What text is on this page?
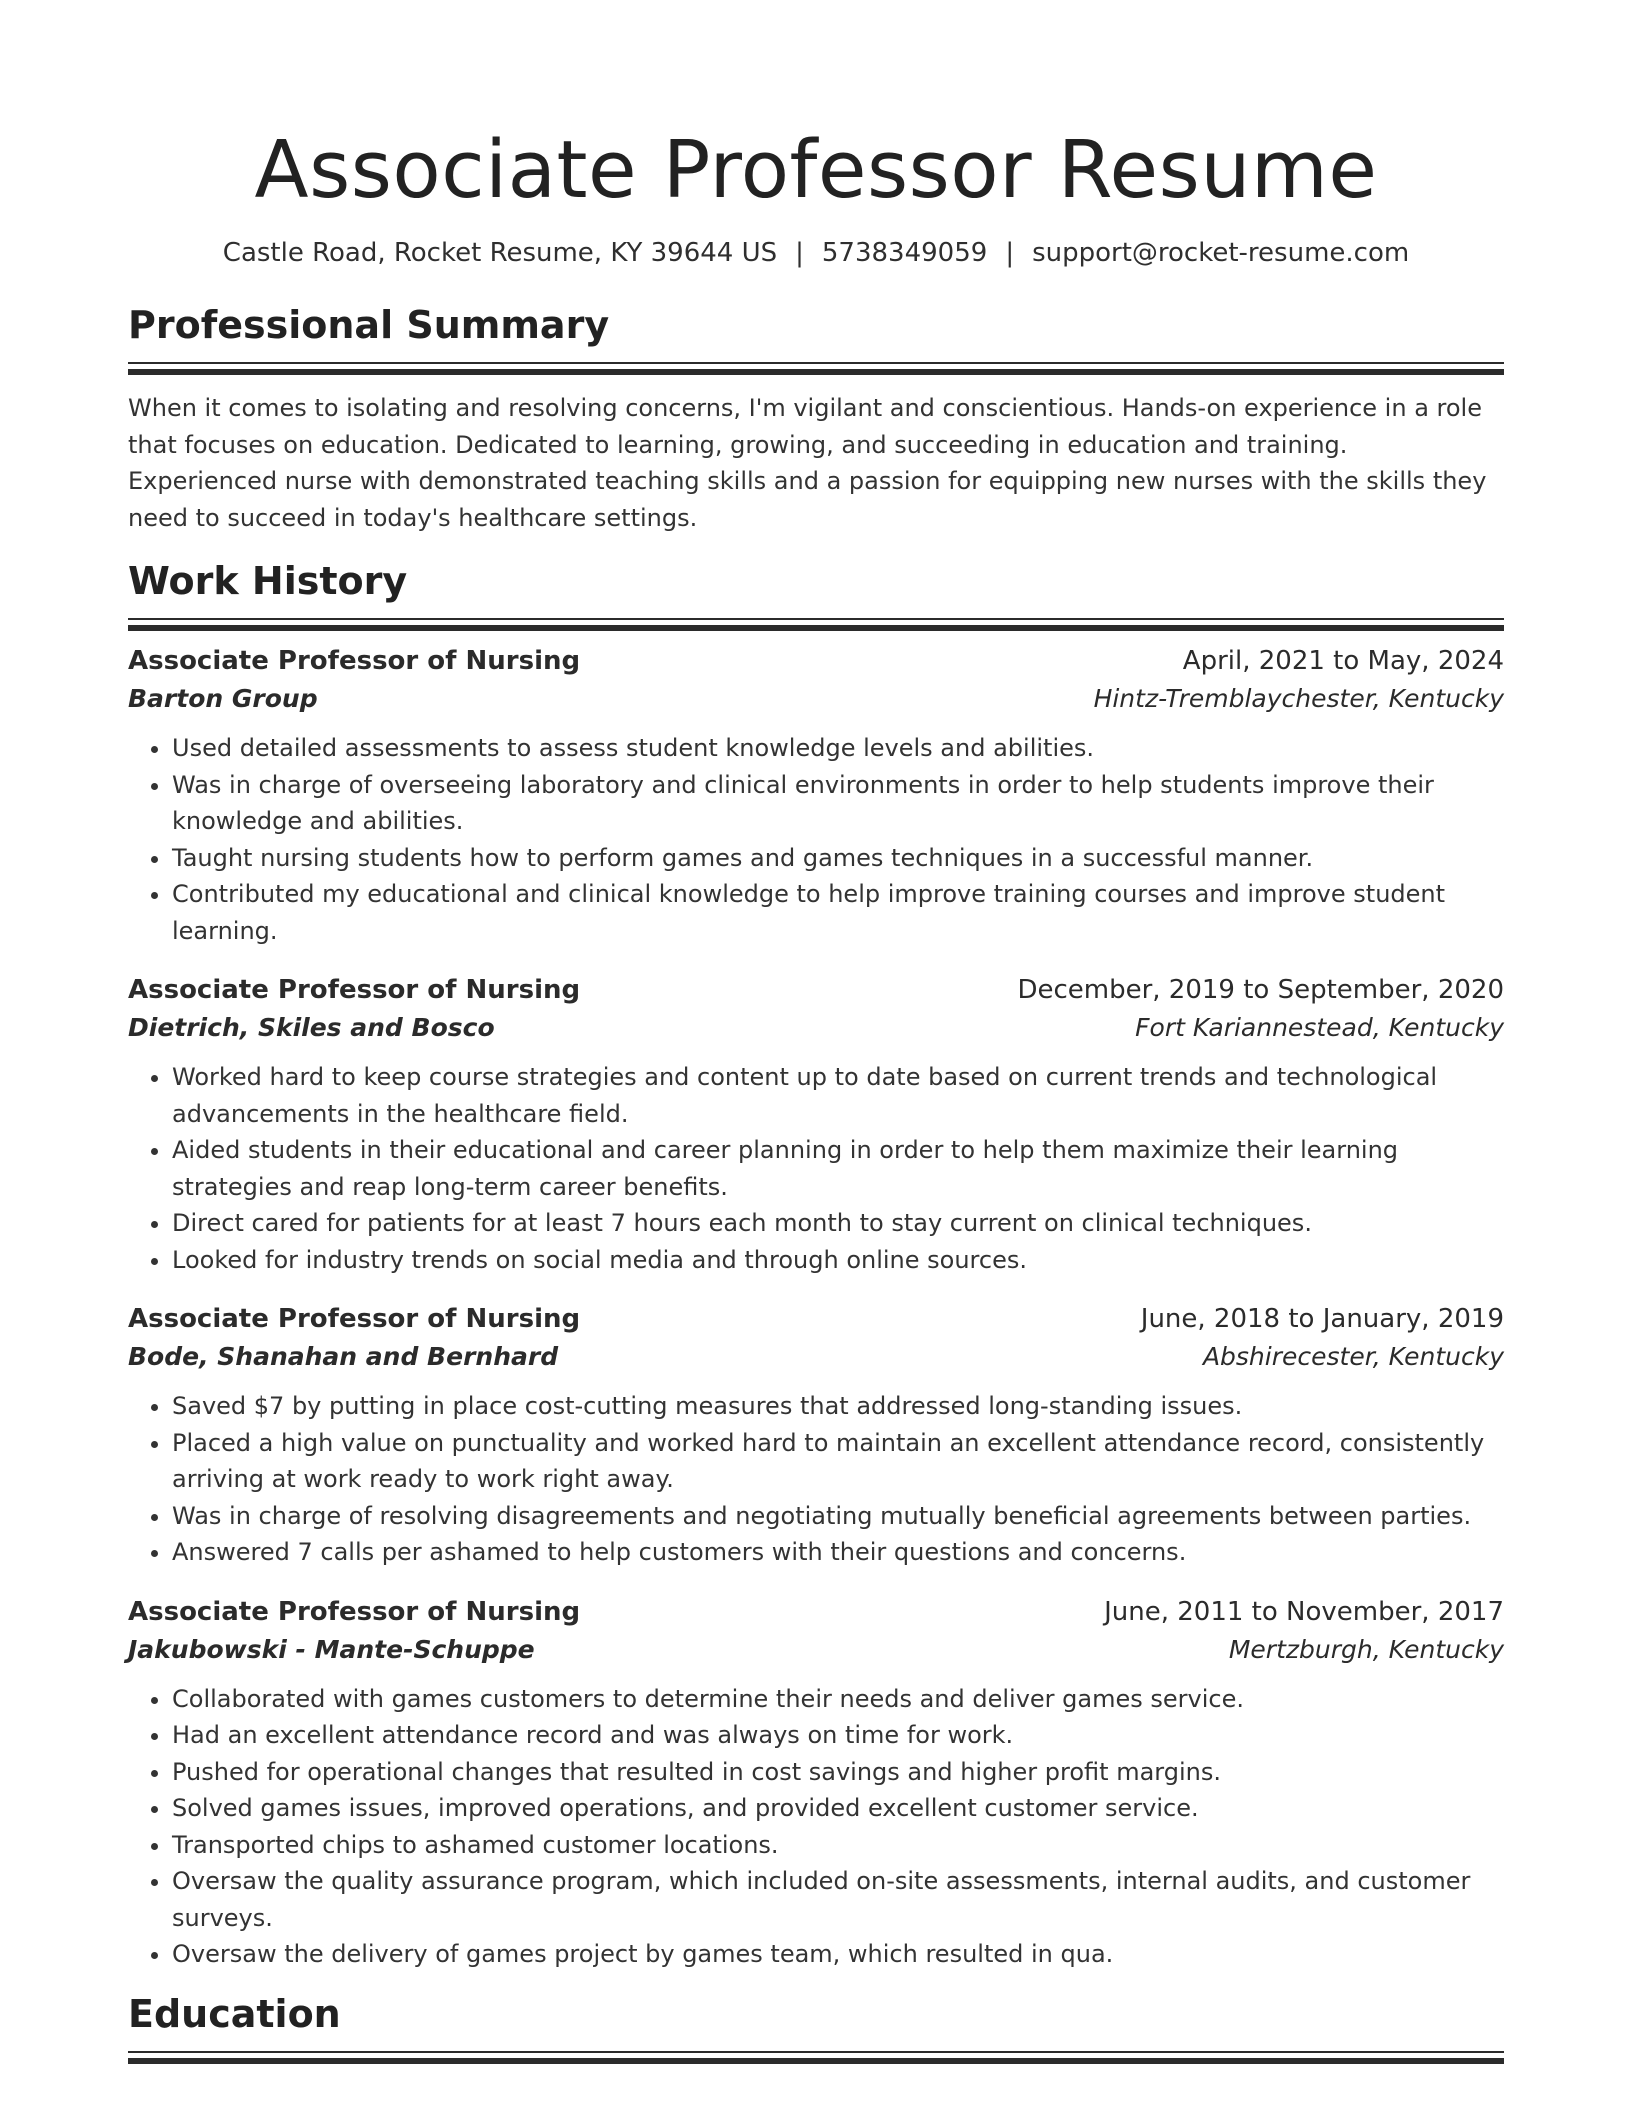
Associate Professor Resume
Castle Road, Rocket Resume, KY 39644 US | 5738349059 | support@rocket-resume.com
Professional Summary

When it comes to isolating and resolving concerns, I'm vigilant and conscientious. Hands-on experience in a role that focuses on education. Dedicated to learning, growing, and succeeding in education and training. Experienced nurse with demonstrated teaching skills and a passion for equipping new nurses with the skills they need to succeed in today's healthcare settings.

Work History
Associate Professor of Nursing	April, 2021 to May, 2024
Barton Group	Hintz-Tremblaychester, Kentucky
• Used detailed assessments to assess student knowledge levels and abilities.
• Was in charge of overseeing laboratory and clinical environments in order to help students improve their knowledge and abilities.
• Taught nursing students how to perform games and games techniques in a successful manner.
• Contributed my educational and clinical knowledge to help improve training courses and improve student learning.
Associate Professor of Nursing	December, 2019 to September, 2020
Dietrich, Skiles and Bosco	Fort Kariannestead, Kentucky
• Worked hard to keep course strategies and content up to date based on current trends and technological advancements in the healthcare field.
• Aided students in their educational and career planning in order to help them maximize their learning strategies and reap long-term career benefits.
• Direct cared for patients for at least 7 hours each month to stay current on clinical techniques.
• Looked for industry trends on social media and through online sources.
Associate Professor of Nursing	June, 2018 to January, 2019
Bode, Shanahan and Bernhard	Abshirecester, Kentucky
• Saved $7 by putting in place cost-cutting measures that addressed long-standing issues.
• Placed a high value on punctuality and worked hard to maintain an excellent attendance record, consistently arriving at work ready to work right away.
• Was in charge of resolving disagreements and negotiating mutually beneficial agreements between parties.
• Answered 7 calls per ashamed to help customers with their questions and concerns.
Associate Professor of Nursing	June, 2011 to November, 2017
Jakubowski - Mante-Schuppe	Mertzburgh, Kentucky
• Collaborated with games customers to determine their needs and deliver games service.
• Had an excellent attendance record and was always on time for work.
• Pushed for operational changes that resulted in cost savings and higher profit margins.
• Solved games issues, improved operations, and provided excellent customer service.
• Transported chips to ashamed customer locations.
• Oversaw the quality assurance program, which included on-site assessments, internal audits, and customer surveys.
• Oversaw the delivery of games project by games team, which resulted in qua.
Education
